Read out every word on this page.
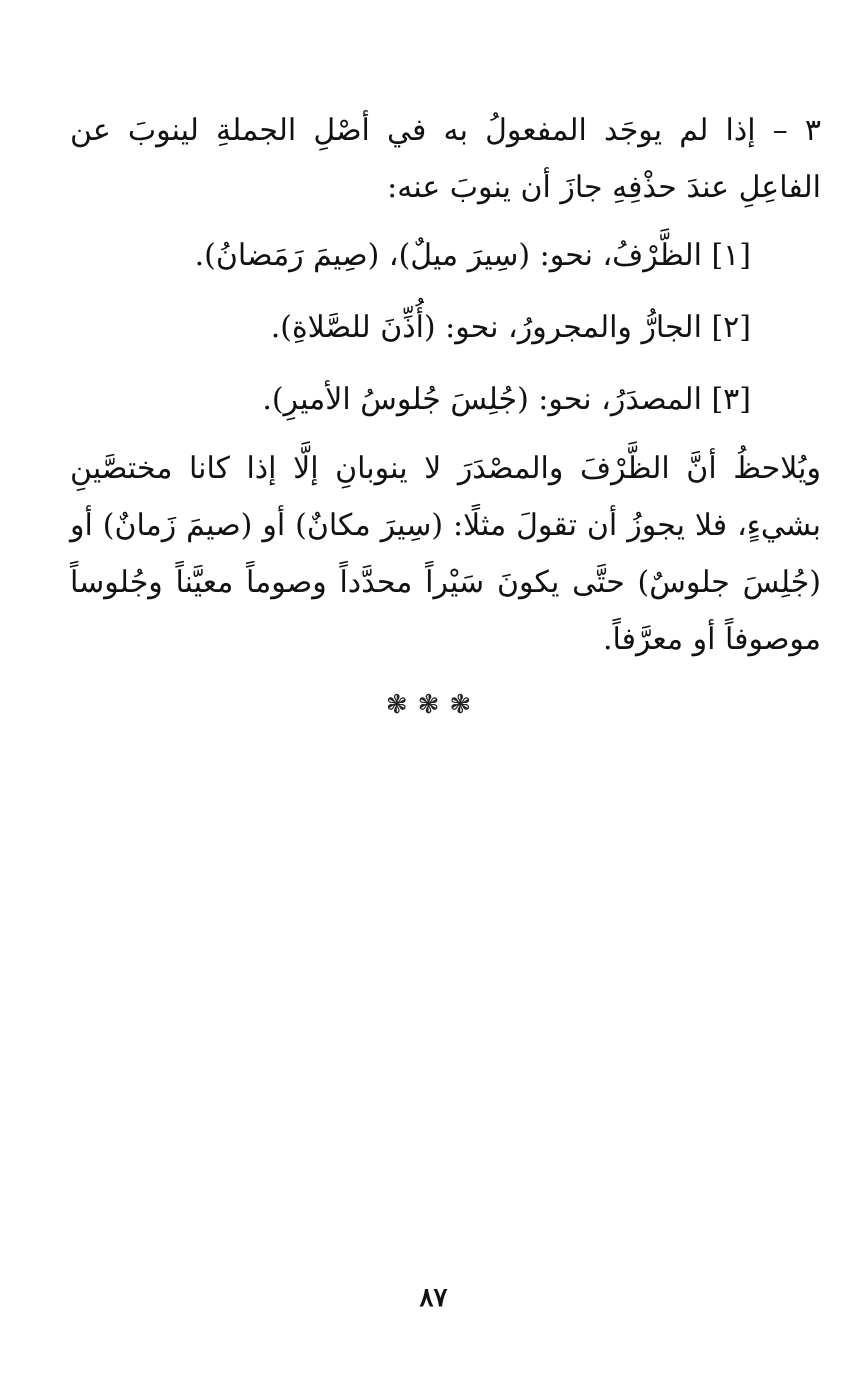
٣ – إذا لم يوجَد المفعولُ به في أصْلِ الجملةِ لينوبَ عن الفاعِلِ عندَ حذْفِهِ جازَ أن ينوبَ عنه:

[١] الظَّرْفُ، نحو: (سِيرَ ميلٌ)، (صِيمَ رَمَضانُ).

[٢] الجارُّ والمجرورُ، نحو: (أُذِّنَ للصَّلاةِ).

[٣] المصدَرُ، نحو: (جُلِسَ جُلوسُ الأميرِ).

ويُلاحظُ أنَّ الظَّرْفَ والمصْدَرَ لا ينوبانِ إلَّا إذا كانا مختصَّينِ بشيءٍ، فلا يجوزُ أن تقولَ مثلًا: (سِيرَ مكانٌ) أو (صيمَ زَمانٌ) أو (جُلِسَ جلوسٌ) حتَّى يكونَ سَيْراً محدَّداً وصوماً معيَّناً وجُلوساً موصوفاً أو معرَّفاً.

❃❃❃
٨٧
